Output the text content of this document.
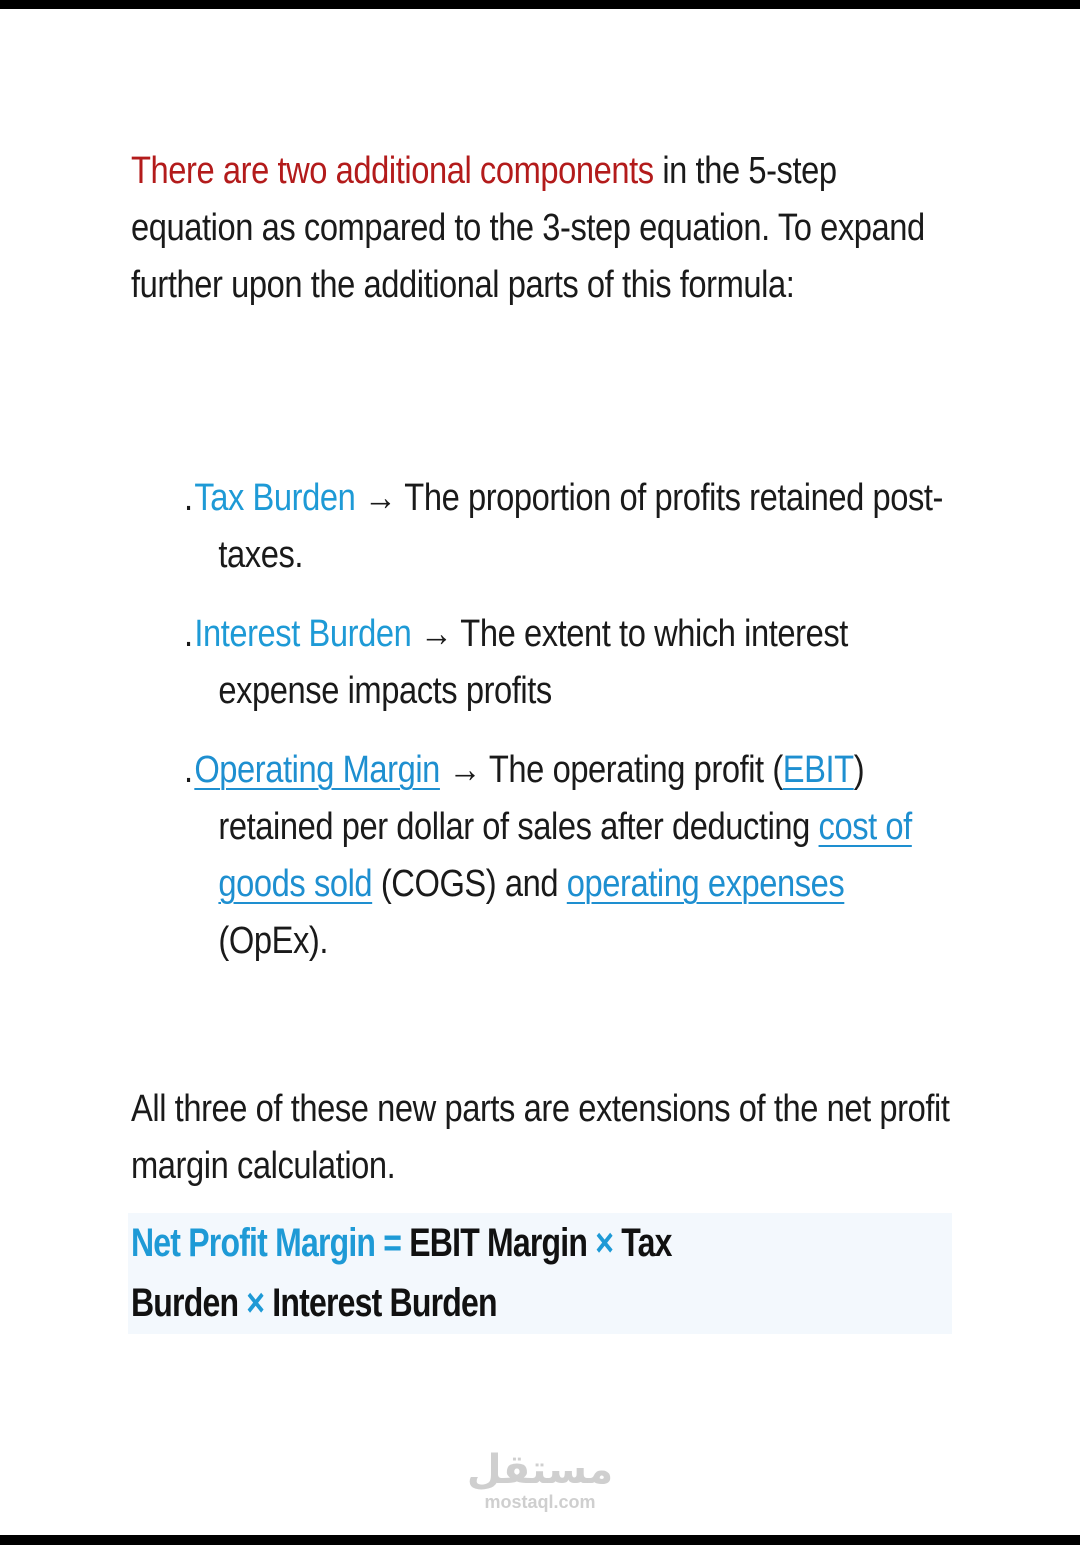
There are two additional components in the 5-step equation as compared to the 3-step equation. To expand further upon the additional parts of this formula:

.Tax Burden → The proportion of profits retained post-taxes.
.Interest Burden → The extent to which interest expense impacts profits
.Operating Margin → The operating profit (EBIT) retained per dollar of sales after deducting cost of goods sold (COGS) and operating expenses (OpEx).

All three of these new parts are extensions of the net profit margin calculation.

Net Profit Margin = EBIT Margin × Tax
Burden × Interest Burden
مستقل
mostaql.com
